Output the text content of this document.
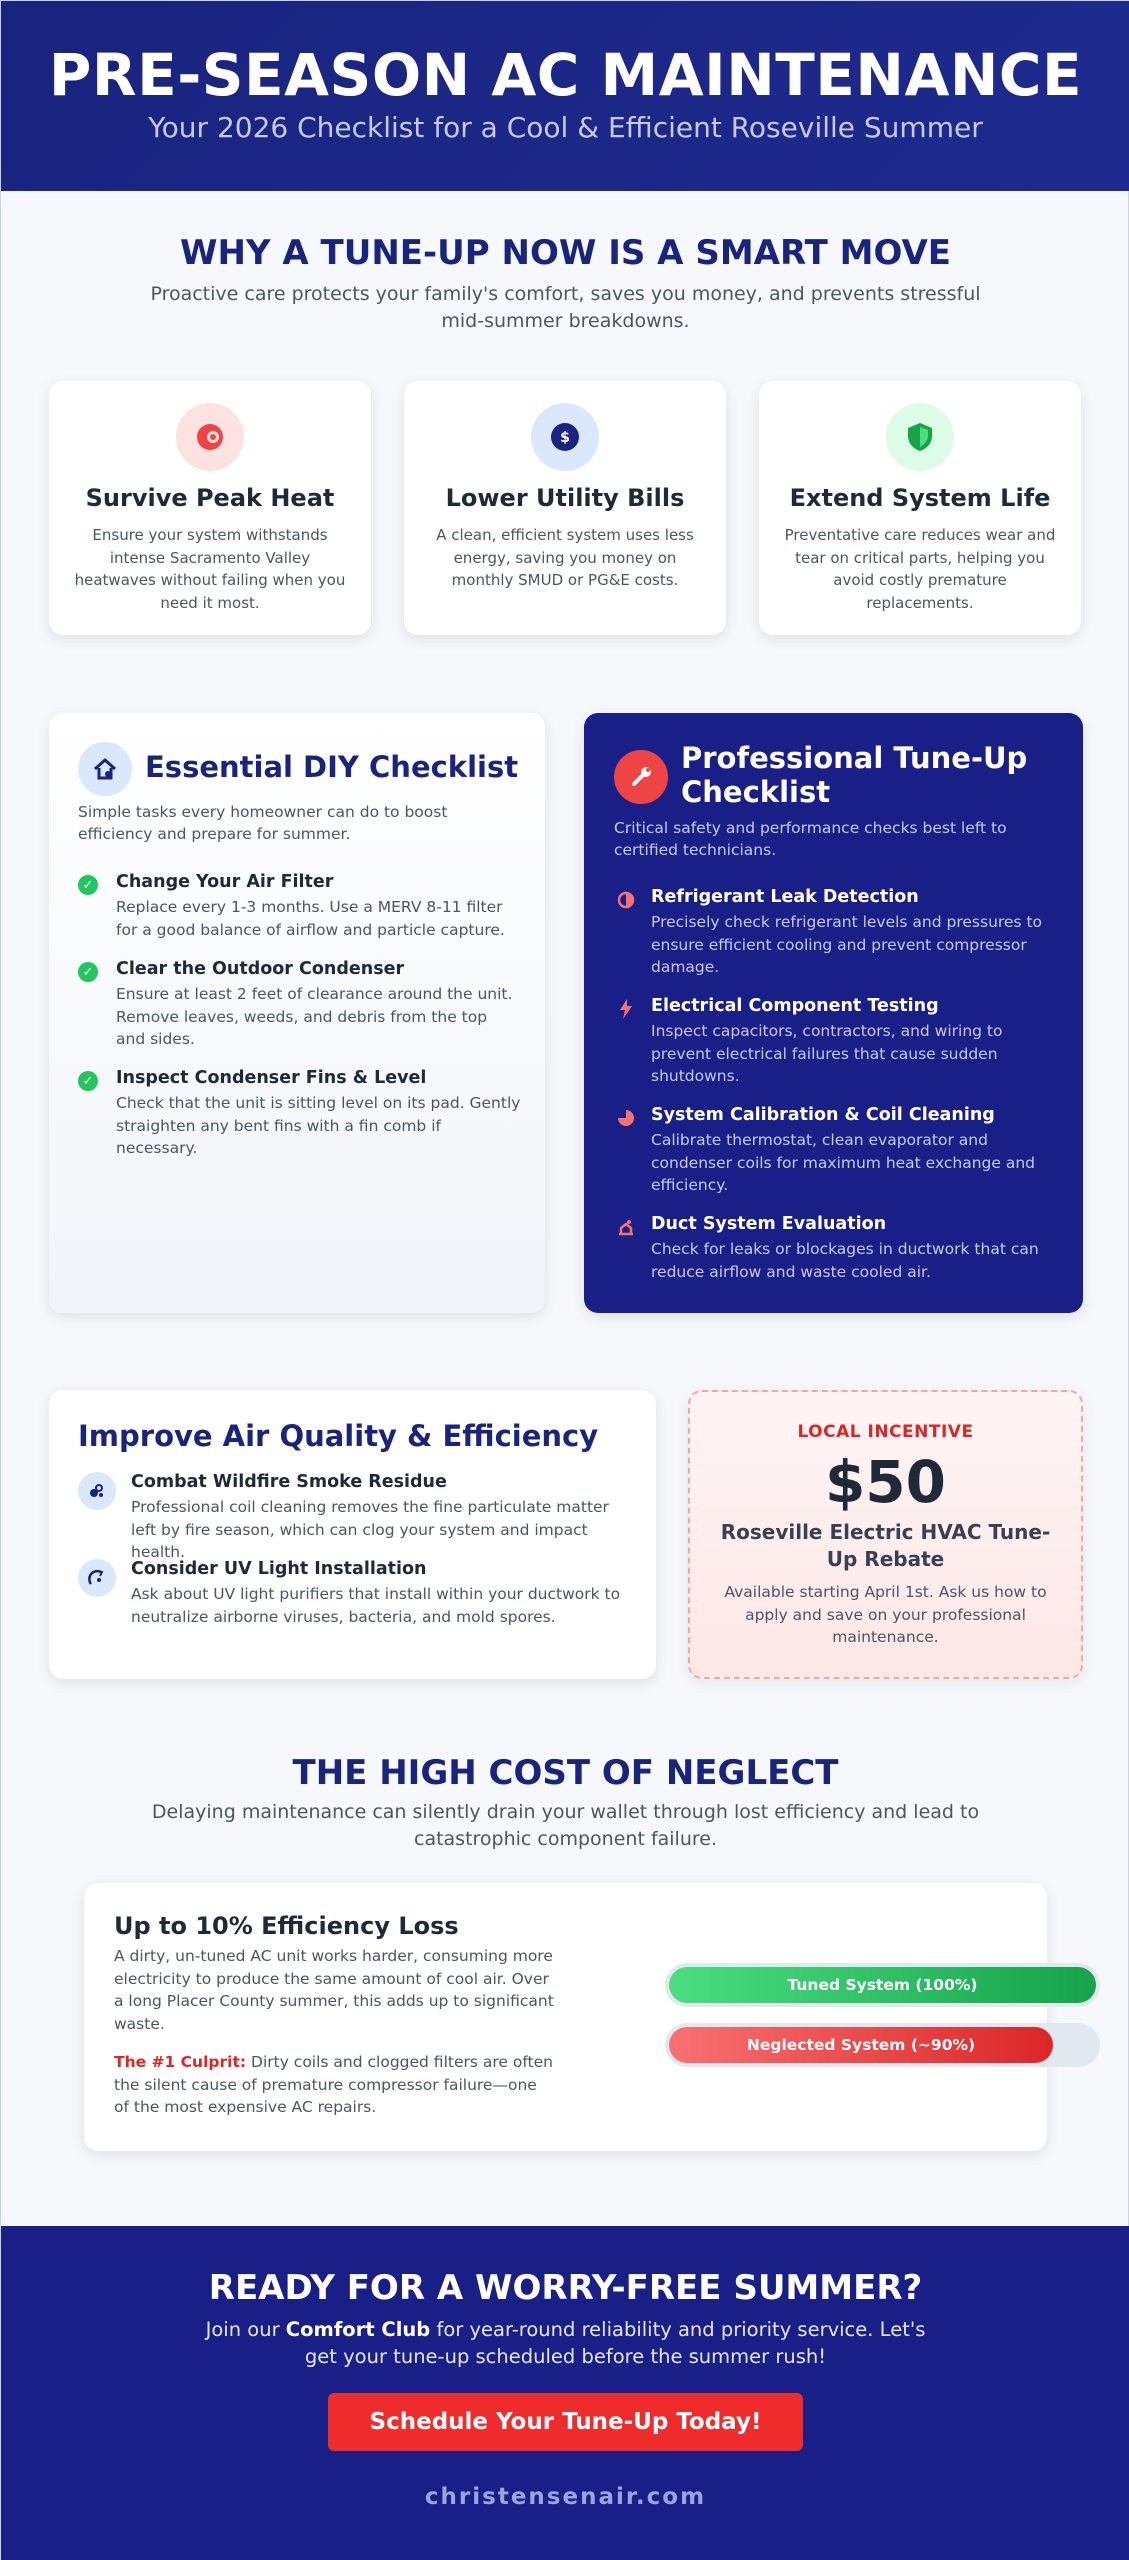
PRE-SEASON AC MAINTENANCE

Your 2026 Checklist for a Cool & Efficient Roseville Summer

WHY A TUNE-UP NOW IS A SMART MOVE
Proactive care protects your family's comfort, saves you money, and prevents stressful mid-summer breakdowns.
Survive Peak Heat
Ensure your system withstands intense Sacramento Valley heatwaves without failing when you need it most.
$
Lower Utility Bills
A clean, efficient system uses less energy, saving you money on monthly SMUD or PG&E costs.
Extend System Life
Preventative care reduces wear and tear on critical parts, helping you avoid costly premature replacements.
Essential DIY Checklist
Simple tasks every homeowner can do to boost efficiency and prepare for summer.
✓ Change Your Air Filter
Replace every 1-3 months. Use a MERV 8-11 filter for a good balance of airflow and particle capture.
✓ Clear the Outdoor Condenser
Ensure at least 2 feet of clearance around the unit. Remove leaves, weeds, and debris from the top and sides.
✓ Inspect Condenser Fins & Level
Check that the unit is sitting level on its pad. Gently straighten any bent fins with a fin comb if necessary.
Professional Tune-Up Checklist
Critical safety and performance checks best left to certified technicians.
Refrigerant Leak Detection
Precisely check refrigerant levels and pressures to ensure efficient cooling and prevent compressor damage.
Electrical Component Testing
Inspect capacitors, contractors, and wiring to prevent electrical failures that cause sudden shutdowns.
System Calibration & Coil Cleaning
Calibrate thermostat, clean evaporator and condenser coils for maximum heat exchange and efficiency.
Duct System Evaluation
Check for leaks or blockages in ductwork that can reduce airflow and waste cooled air.
Improve Air Quality & Efficiency
Combat Wildfire Smoke Residue
Professional coil cleaning removes the fine particulate matter left by fire season, which can clog your system and impact health.
Consider UV Light Installation
Ask about UV light purifiers that install within your ductwork to neutralize airborne viruses, bacteria, and mold spores.
LOCAL INCENTIVE
$50
Roseville Electric HVAC Tune-Up Rebate
Available starting April 1st. Ask us how to apply and save on your professional maintenance.
THE HIGH COST OF NEGLECT
Delaying maintenance can silently drain your wallet through lost efficiency and lead to catastrophic component failure.
Up to 10% Efficiency Loss
A dirty, un-tuned AC unit works harder, consuming more electricity to produce the same amount of cool air. Over a long Placer County summer, this adds up to significant waste.
The #1 Culprit: Dirty coils and clogged filters are often the silent cause of premature compressor failure—one of the most expensive AC repairs.
Tuned System (100%)
Neglected System (~90%)
READY FOR A WORRY-FREE SUMMER?
Join our Comfort Club for year-round reliability and priority service. Let's get your tune-up scheduled before the summer rush!
Schedule Your Tune-Up Today!
christensenair.com
